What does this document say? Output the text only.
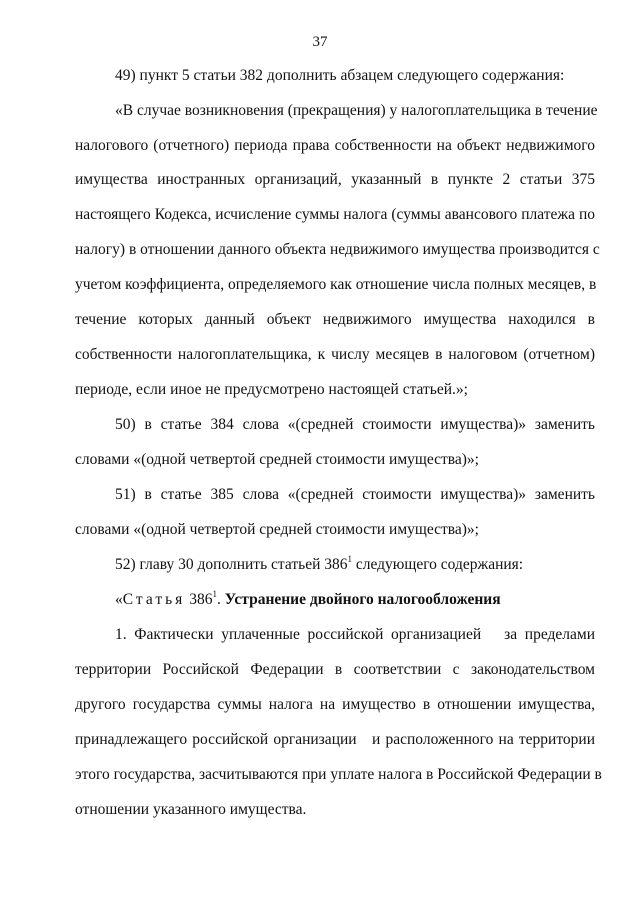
37
49) пункт 5 статьи 382 дополнить абзацем следующего содержания:
«В случае возникновения (прекращения) у налогоплательщика в течение
налогового (отчетного) периода права собственности на объект недвижимого
имущества иностранных организаций, указанный в пункте 2 статьи 375
настоящего Кодекса, исчисление суммы налога (суммы авансового платежа по
налогу) в отношении данного объекта недвижимого имущества производится с
учетом коэффициента, определяемого как отношение числа полных месяцев, в
течение которых данный объект недвижимого имущества находился в
собственности налогоплательщика, к числу месяцев в налоговом (отчетном)
периоде, если иное не предусмотрено настоящей статьей.»;
50) в статье 384 слова «(средней стоимости имущества)» заменить
словами «(одной четвертой средней стоимости имущества)»;
51) в статье 385 слова «(средней стоимости имущества)» заменить
словами «(одной четвертой средней стоимости имущества)»;
52) главу 30 дополнить статьей $386^1$ следующего содержания:
«Статья $386^1$. Устранение двойного налогообложения
1. Фактически уплаченные российской организацией   за пределами
территории Российской Федерации в соответствии с законодательством
другого государства суммы налога на имущество в отношении имущества,
принадлежащего российской организации   и расположенного на территории
этого государства, засчитываются при уплате налога в Российской Федерации в
отношении указанного имущества.
